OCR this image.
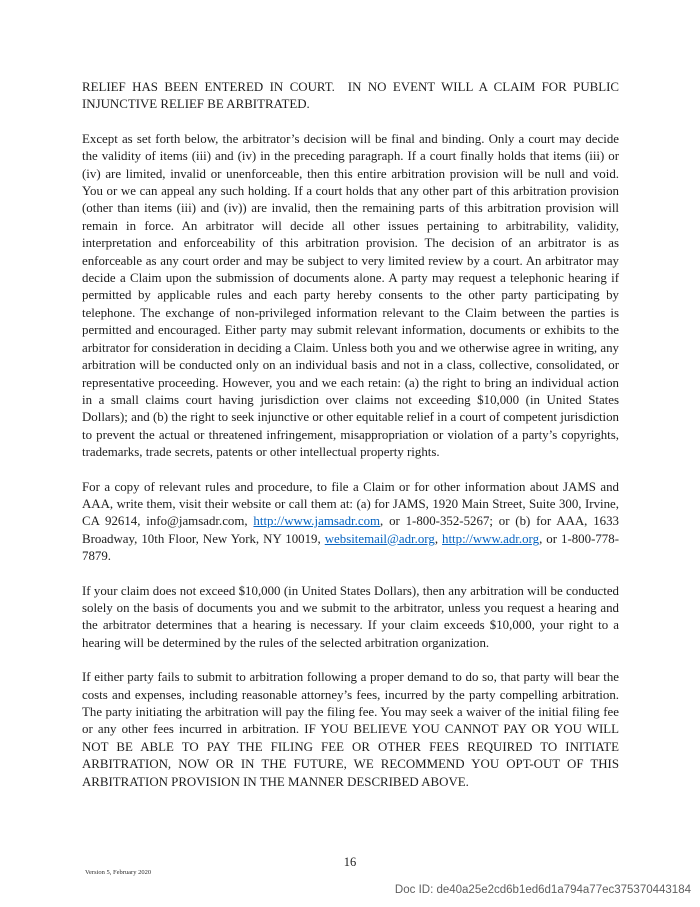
RELIEF HAS BEEN ENTERED IN COURT.  IN NO EVENT WILL A CLAIM FOR PUBLIC INJUNCTIVE RELIEF BE ARBITRATED.

Except as set forth below, the arbitrator’s decision will be final and binding. Only a court may decide the validity of items (iii) and (iv) in the preceding paragraph. If a court finally holds that items (iii) or (iv) are limited, invalid or unenforceable, then this entire arbitration provision will be null and void. You or we can appeal any such holding. If a court holds that any other part of this arbitration provision (other than items (iii) and (iv)) are invalid, then the remaining parts of this arbitration provision will remain in force. An arbitrator will decide all other issues pertaining to arbitrability, validity, interpretation and enforceability of this arbitration provision. The decision of an arbitrator is as enforceable as any court order and may be subject to very limited review by a court. An arbitrator may decide a Claim upon the submission of documents alone. A party may request a telephonic hearing if permitted by applicable rules and each party hereby consents to the other party participating by telephone. The exchange of non-privileged information relevant to the Claim between the parties is permitted and encouraged. Either party may submit relevant information, documents or exhibits to the arbitrator for consideration in deciding a Claim. Unless both you and we otherwise agree in writing, any arbitration will be conducted only on an individual basis and not in a class, collective, consolidated, or representative proceeding. However, you and we each retain: (a) the right to bring an individual action in a small claims court having jurisdiction over claims not exceeding $10,000 (in United States Dollars); and (b) the right to seek injunctive or other equitable relief in a court of competent jurisdiction to prevent the actual or threatened infringement, misappropriation or violation of a party’s copyrights, trademarks, trade secrets, patents or other intellectual property rights.

For a copy of relevant rules and procedure, to file a Claim or for other information about JAMS and AAA, write them, visit their website or call them at: (a) for JAMS, 1920 Main Street, Suite 300, Irvine, CA 92614, info@jamsadr.com, http://www.jamsadr.com, or 1-800-352-5267; or (b) for AAA, 1633 Broadway, 10th Floor, New York, NY 10019, websitemail@adr.org, http://www.adr.org, or 1-800-778-7879.

If your claim does not exceed $10,000 (in United States Dollars), then any arbitration will be conducted solely on the basis of documents you and we submit to the arbitrator, unless you request a hearing and the arbitrator determines that a hearing is necessary. If your claim exceeds $10,000, your right to a hearing will be determined by the rules of the selected arbitration organization.

If either party fails to submit to arbitration following a proper demand to do so, that party will bear the costs and expenses, including reasonable attorney’s fees, incurred by the party compelling arbitration. The party initiating the arbitration will pay the filing fee. You may seek a waiver of the initial filing fee or any other fees incurred in arbitration. IF YOU BELIEVE YOU CANNOT PAY OR YOU WILL NOT BE ABLE TO PAY THE FILING FEE OR OTHER FEES REQUIRED TO INITIATE ARBITRATION, NOW OR IN THE FUTURE, WE RECOMMEND YOU OPT-OUT OF THIS ARBITRATION PROVISION IN THE MANNER DESCRIBED ABOVE.

16
Version 5, February 2020
Doc ID: de40a25e2cd6b1ed6d1a794a77ec375370443184
